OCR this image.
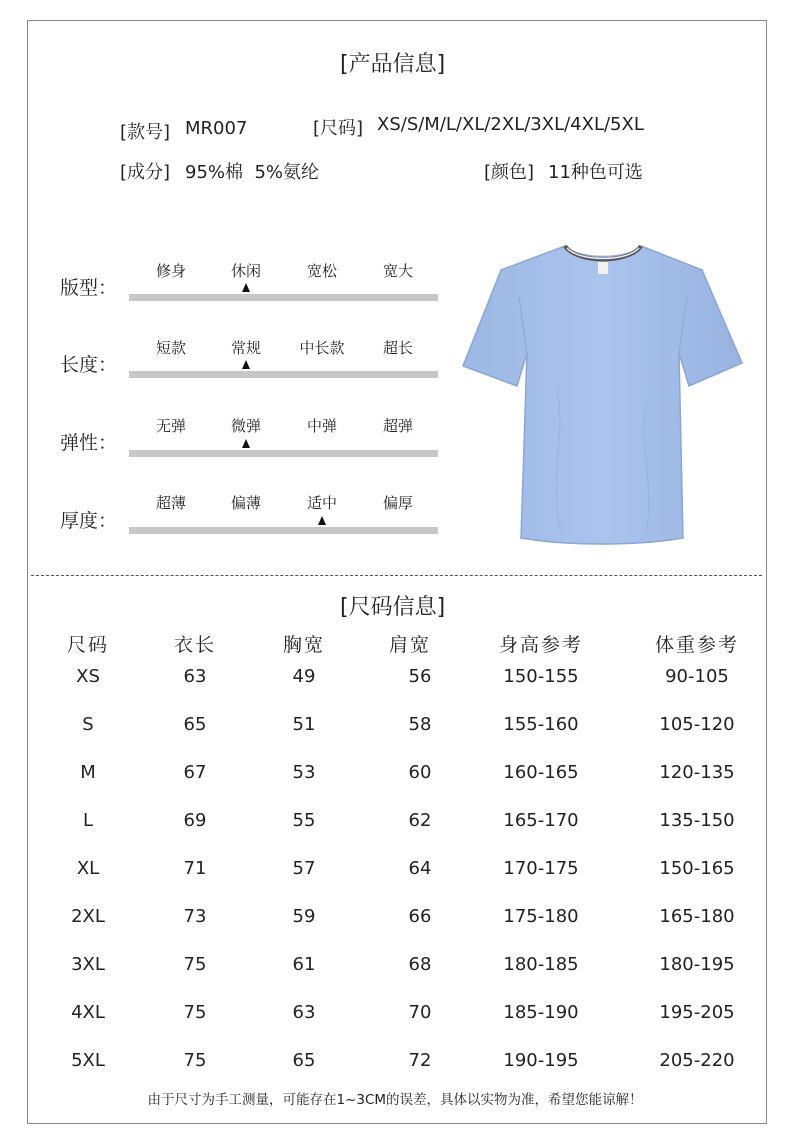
[产品信息]
[款号] MR007	[尺码] XS/S/M/L/XL/2XL/3XL/4XL/5XL
[成分] 95%棉  5%氨纶	[颜色] 11种色可选
版型：
修身	休闲	宽松	宽大
长度：
短款	常规	中长款	超长
弹性：
无弹	微弹	中弹	超弹
厚度：
超薄	偏薄	适中	偏厚
[尺码信息]
尺码	衣长	胸宽	肩宽	身高参考	体重参考
XS	63	49	56	150-155	90-105
S	65	51	58	155-160	105-120
M	67	53	60	160-165	120-135
L	69	55	62	165-170	135-150
XL	71	57	64	170-175	150-165
2XL	73	59	66	175-180	165-180
3XL	75	61	68	180-185	180-195
4XL	75	63	70	185-190	195-205
5XL	75	65	72	190-195	205-220
由于尺寸为手工测量，可能存在1~3CM的误差，具体以实物为准，希望您能谅解！
